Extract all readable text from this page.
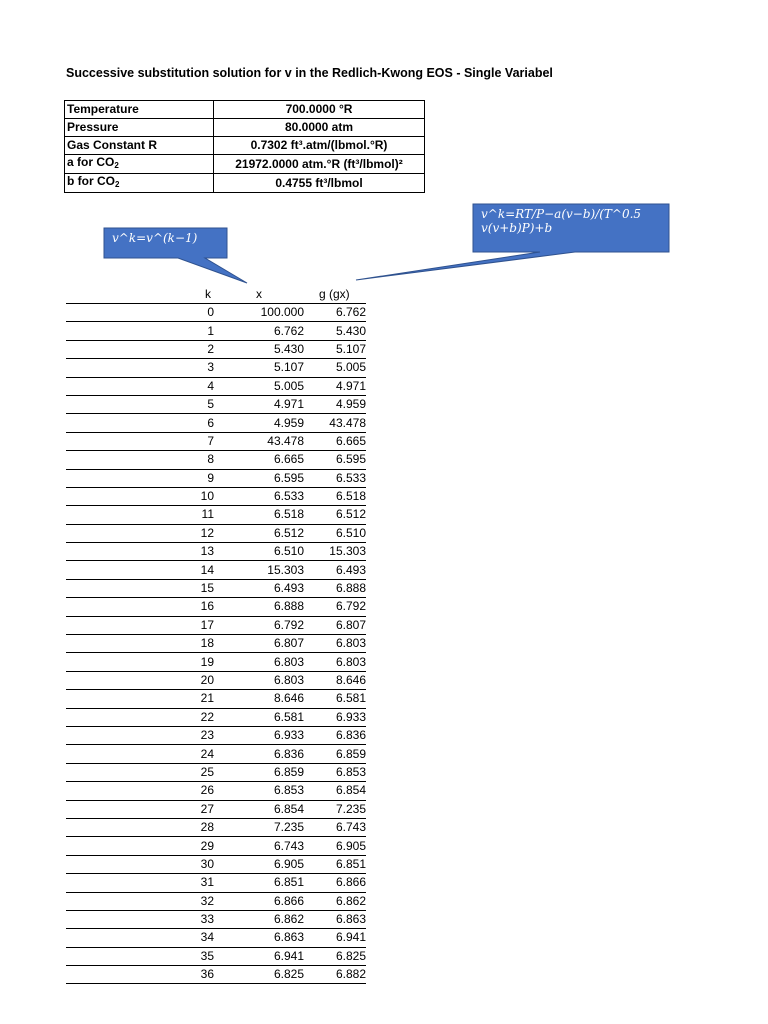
Successive substitution solution for v in the Redlich-Kwong EOS - Single Variabel
Temperature	700.0000 °R
Pressure	80.0000 atm
Gas Constant R	0.7302 ft³.atm/(lbmol.°R)
a for $CO_2$	21972.0000 atm.°R (ft³/lbmol)²
b for $CO_2$	0.4755 ft³/lbmol
v^k=v^(k−1)
v^k=RT/P−a(v−b)/(T^0.5
v(v+b)P)+b
k	x	g (gx)
0	100.000	6.762
1	6.762	5.430
2	5.430	5.107
3	5.107	5.005
4	5.005	4.971
5	4.971	4.959
6	4.959	43.478
7	43.478	6.665
8	6.665	6.595
9	6.595	6.533
10	6.533	6.518
11	6.518	6.512
12	6.512	6.510
13	6.510	15.303
14	15.303	6.493
15	6.493	6.888
16	6.888	6.792
17	6.792	6.807
18	6.807	6.803
19	6.803	6.803
20	6.803	8.646
21	8.646	6.581
22	6.581	6.933
23	6.933	6.836
24	6.836	6.859
25	6.859	6.853
26	6.853	6.854
27	6.854	7.235
28	7.235	6.743
29	6.743	6.905
30	6.905	6.851
31	6.851	6.866
32	6.866	6.862
33	6.862	6.863
34	6.863	6.941
35	6.941	6.825
36	6.825	6.882
